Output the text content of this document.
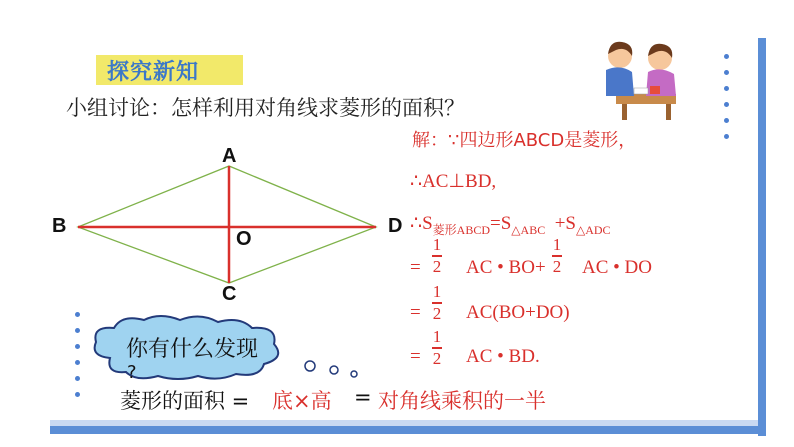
探究新知
小组讨论：怎样利用对角线求菱形的面积？
A
B
C
D
O
解：∵四边形ABCD是菱形，
∴AC⊥BD,
$\therefore S_{菱形ABCD}=S_{\triangle ABC} +S_{\triangle ADC}$
=
1
2 AC • BO+
1
2 AC • DO
=
1
2 AC(BO+DO)
=
1
2 AC • BD.
你有什么发现
?
菱形的面积 = 底×高 = 对角线乘积的一半
